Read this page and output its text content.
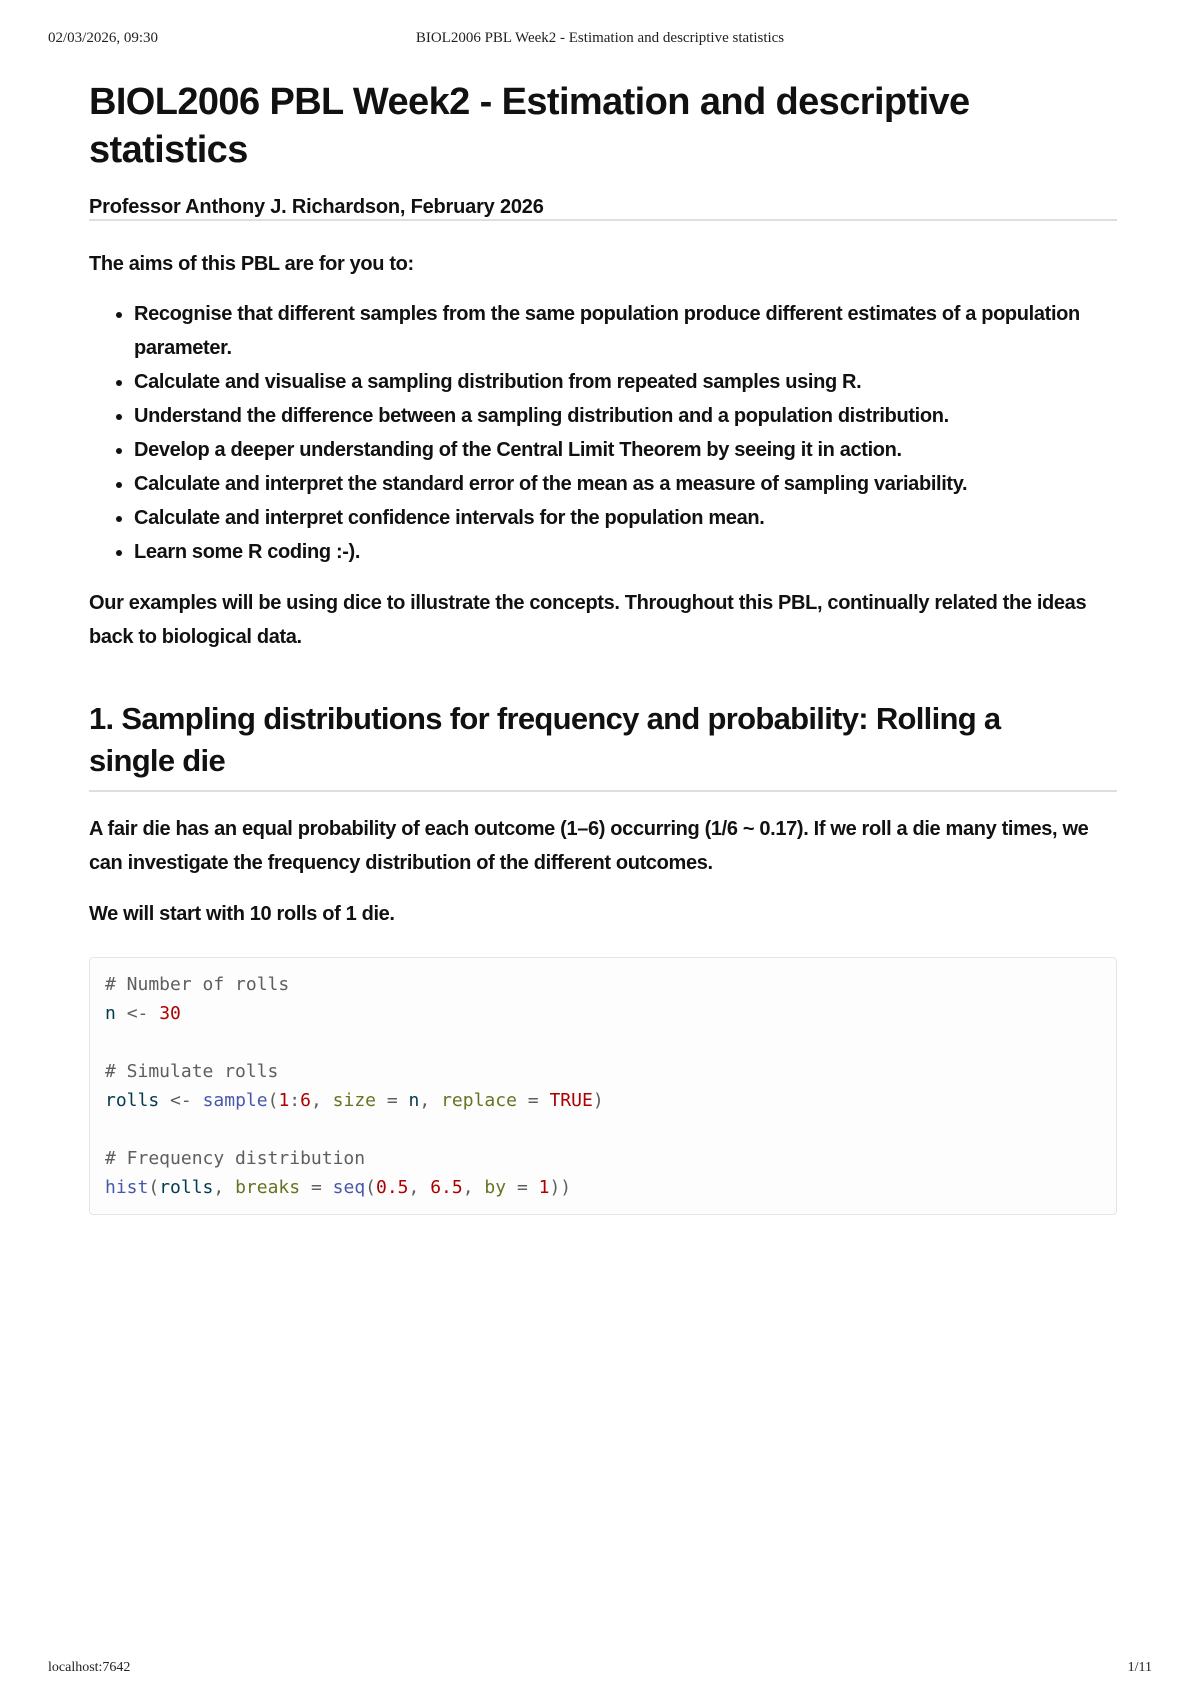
02/03/2026, 09:30	BIOL2006 PBL Week2 - Estimation and descriptive statistics
BIOL2006 PBL Week2 - Estimation and descriptive
statistics
Professor Anthony J. Richardson, February 2026

The aims of this PBL are for you to:

• Recognise that different samples from the same population produce different estimates of a population parameter.
• Calculate and visualise a sampling distribution from repeated samples using R.
• Understand the difference between a sampling distribution and a population distribution.
• Develop a deeper understanding of the Central Limit Theorem by seeing it in action.
• Calculate and interpret the standard error of the mean as a measure of sampling variability.
• Calculate and interpret confidence intervals for the population mean.
• Learn some R coding :-).

Our examples will be using dice to illustrate the concepts. Throughout this PBL, continually related the ideas back to biological data.

1. Sampling distributions for frequency and probability: Rolling a
single die

A fair die has an equal probability of each outcome (1–6) occurring (1/6 ~ 0.17). If we roll a die many times, we can investigate the frequency distribution of the different outcomes.

We will start with 10 rolls of 1 die.

# Number of rolls
n <- 30
# Simulate rolls
rolls <- sample(1:6, size = n, replace = TRUE)
# Frequency distribution
hist(rolls, breaks = seq(0.5, 6.5, by = 1))
localhost:7642	1/11
